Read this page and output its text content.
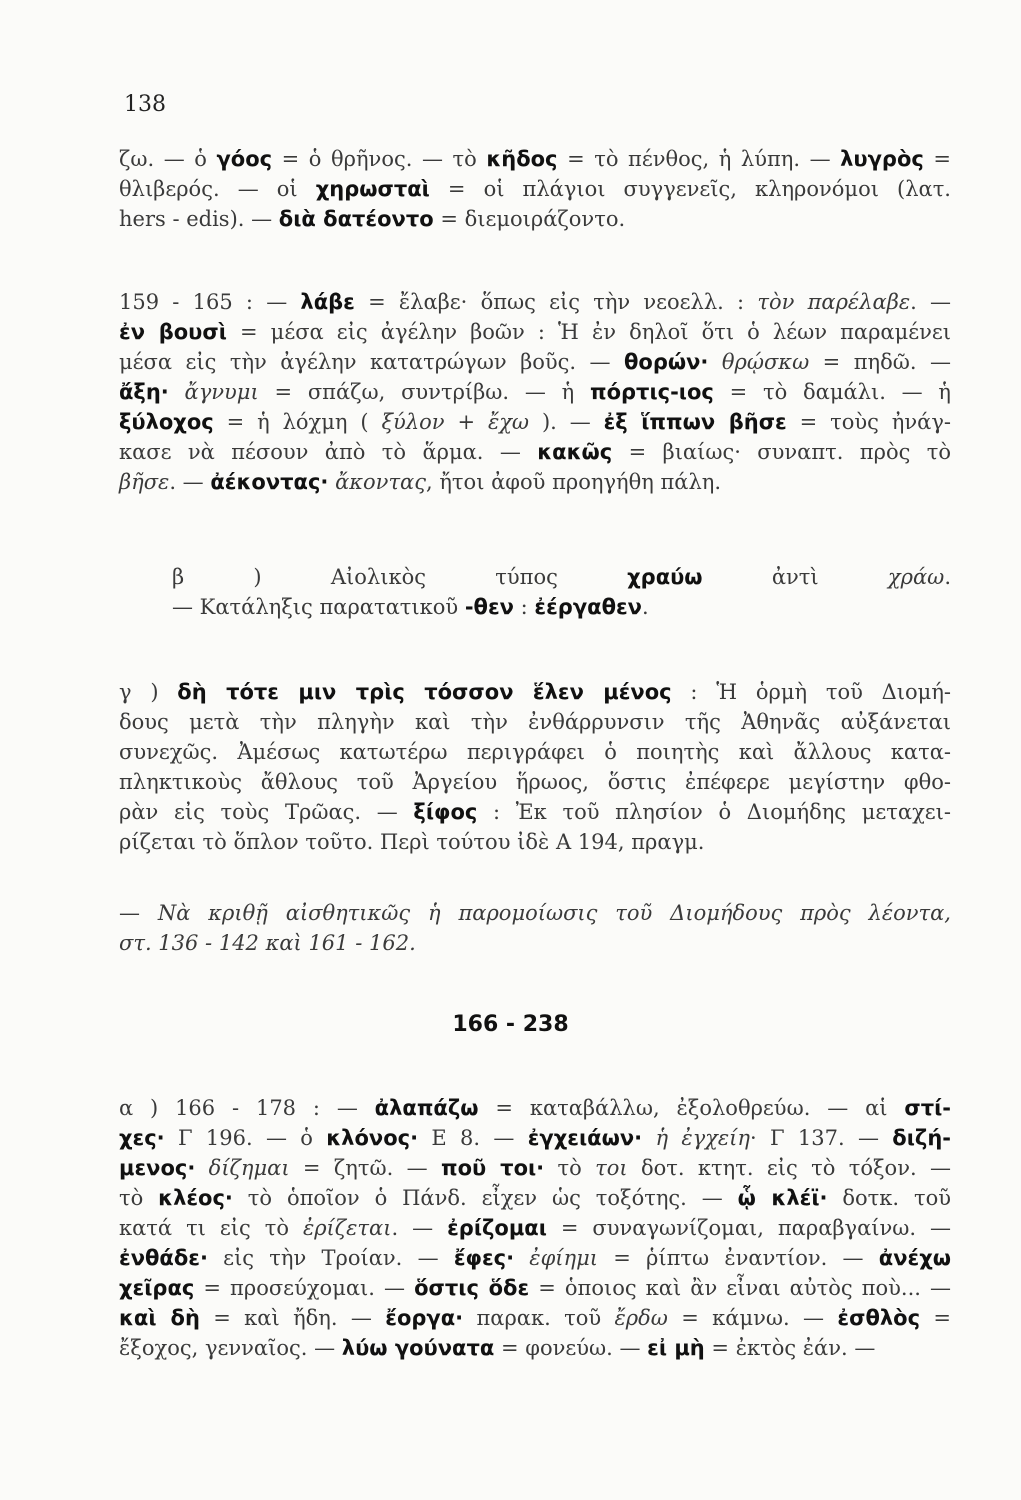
138
ζω. — ὁ γόος = ὁ θρῆνος. — τὸ κῆδος = τὸ πένθος, ἡ λύπη. — λυγρὸς =
θλιβερός. — οἱ χηρωσταὶ = οἱ πλάγιοι συγγενεῖς, κληρονόμοι (λατ.
hers - edis). — διὰ δατέοντο = διεμοιράζοντο.
159 - 165 : — λάβε = ἔλαβε· ὅπως εἰς τὴν νεοελλ. : τὸν παρέλαβε. —
ἐν βουσὶ = μέσα εἰς ἀγέλην βοῶν : Ἡ ἐν δηλοῖ ὅτι ὁ λέων παραμένει
μέσα εἰς τὴν ἀγέλην κατατρώγων βοῦς. — θορών· θρῴσκω = πηδῶ. —
ἄξη· ἄγνυμι = σπάζω, συντρίβω. — ἡ πόρτις-ιος = τὸ δαμάλι. — ἡ
ξύλοχος = ἡ λόχμη ( ξύλον + ἔχω ). — ἐξ ἵππων βῆσε = τοὺς ἠνάγ-
κασε νὰ πέσουν ἀπὸ τὸ ἅρμα. — κακῶς = βιαίως· συναπτ. πρὸς τὸ
βῆσε. — ἀέκοντας· ἄκοντας, ἤτοι ἀφοῦ προηγήθη πάλη.
β ) Αἰολικὸς τύπος χραύω ἀντὶ χράω.
— Κατάληξις παρατατικοῦ -θεν : ἐέργαθεν.
γ ) δὴ τότε μιν τρὶς τόσσον ἕλεν μένος : Ἡ ὁρμὴ τοῦ Διομή-
δους μετὰ τὴν πληγὴν καὶ τὴν ἐνθάρρυνσιν τῆς Ἀθηνᾶς αὐξάνεται
συνεχῶς. Ἀμέσως κατωτέρω περιγράφει ὁ ποιητὴς καὶ ἄλλους κατα-
πληκτικοὺς ἄθλους τοῦ Ἀργείου ἥρωος, ὅστις ἐπέφερε μεγίστην φθο-
ρὰν εἰς τοὺς Τρῶας. — ξίφος : Ἐκ τοῦ πλησίον ὁ Διομήδης μεταχει-
ρίζεται τὸ ὅπλον τοῦτο. Περὶ τούτου ἰδὲ Α 194, πραγμ.
— Νὰ κριθῇ αἰσθητικῶς ἡ παρομοίωσις τοῦ Διομήδους πρὸς λέοντα,
στ. 136 - 142 καὶ 161 - 162.
166 - 238
α ) 166 - 178 : — ἀλαπάζω = καταβάλλω, ἐξολοθρεύω. — αἱ στί-
χες· Γ 196. — ὁ κλόνος· Ε 8. — ἐγχειάων· ἡ ἐγχείη· Γ 137. — διζή-
μενος· δίζημαι = ζητῶ. — ποῦ τοι· τὸ τοι δοτ. κτητ. εἰς τὸ τόξον. —
τὸ κλέος· τὸ ὁποῖον ὁ Πάνδ. εἶχεν ὡς τοξότης. — ᾧ κλέϊ· δοτκ. τοῦ
κατά τι εἰς τὸ ἐρίζεται. — ἐρίζομαι = συναγωνίζομαι, παραβγαίνω. —
ἐνθάδε· εἰς τὴν Τροίαν. — ἔφες· ἐφίημι = ῥίπτω ἐναντίον. — ἀνέχω
χεῖρας = προσεύχομαι. — ὅστις ὅδε = ὁποιος καὶ ἂν εἶναι αὐτὸς ποὺ... —
καὶ δὴ = καὶ ἤδη. — ἔοργα· παρακ. τοῦ ἔρδω = κάμνω. — ἐσθλὸς =
ἔξοχος, γενναῖος. — λύω γούνατα = φονεύω. — εἰ μὴ = ἐκτὸς ἐάν. —
